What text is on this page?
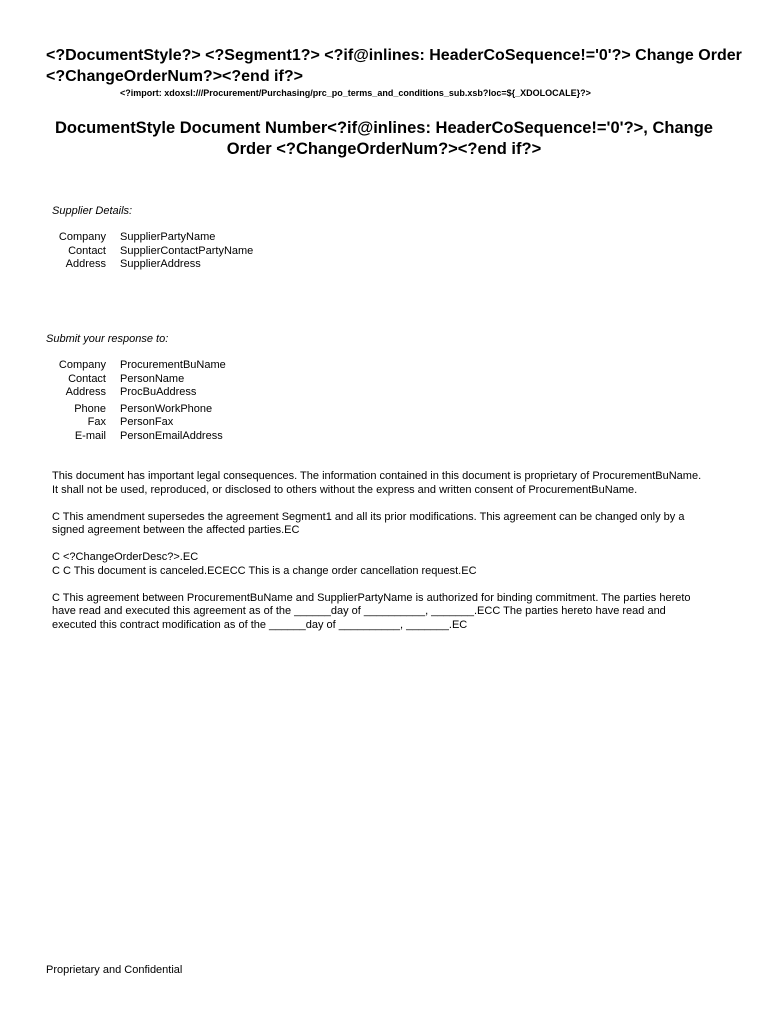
<?DocumentStyle?> <?Segment1?> <?if@inlines: HeaderCoSequence!='0'?> Change Order <?ChangeOrderNum?><?end if?>
<?import: xdoxsl:///Procurement/Purchasing/prc_po_terms_and_conditions_sub.xsb?loc=${_XDOLOCALE}?>
DocumentStyle Document Number<?if@inlines: HeaderCoSequence!='0'?>, Change Order <?ChangeOrderNum?><?end if?>
Supplier Details:
Company	SupplierPartyName
Contact	SupplierContactPartyName
Address	SupplierAddress
Submit your response to:
Company	ProcurementBuName
Contact	PersonName
Address	ProcBuAddress
Phone	PersonWorkPhone
Fax	PersonFax
E-mail	PersonEmailAddress

This document has important legal consequences. The information contained in this document is proprietary of ProcurementBuName. It shall not be used, reproduced, or disclosed to others without the express and written consent of ProcurementBuName.

C This amendment supersedes the agreement Segment1 and all its prior modifications. This agreement can be changed only by a signed agreement between the affected parties.EC

C <?ChangeOrderDesc?>.EC

C C This document is canceled.ECECC This is a change order cancellation request.EC

C This agreement between ProcurementBuName and SupplierPartyName is authorized for binding commitment. The parties hereto have read and executed this agreement as of the ______day of __________, _______.ECC The parties hereto have read and executed this contract modification as of the ______day of __________, _______.EC

Proprietary and Confidential
